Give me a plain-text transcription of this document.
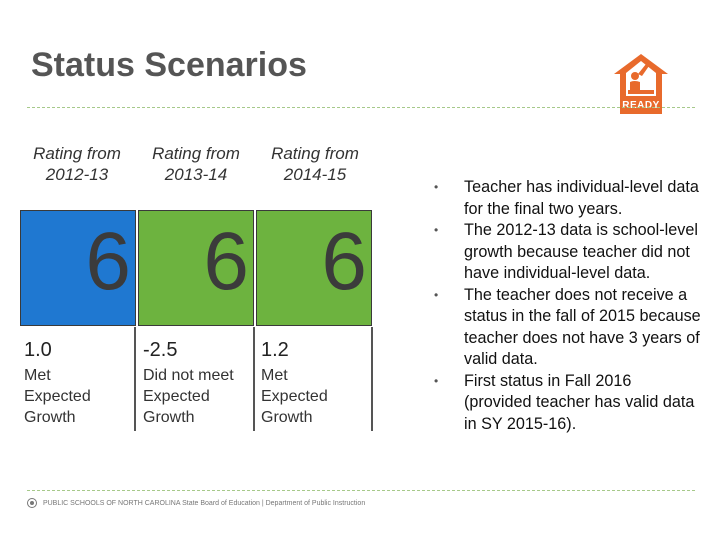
Status Scenarios
READY
Rating from
2012-13
Rating from
2013-14
Rating from
2014-15
6 6 6
1.0
Met
Expected
Growth
-2.5
Did not meet
Expected
Growth
1.2
Met
Expected
Growth
• Teacher has individual-level data for the final two years.
• The 2012-13 data is school-level growth because teacher did not have individual-level data.
• The teacher does not receive a status in the fall of 2015 because teacher does not have 3 years of valid data.
• First status in Fall 2016 (provided teacher has valid data in SY 2015-16).
PUBLIC SCHOOLS OF NORTH CAROLINA State Board of Education | Department of Public Instruction
